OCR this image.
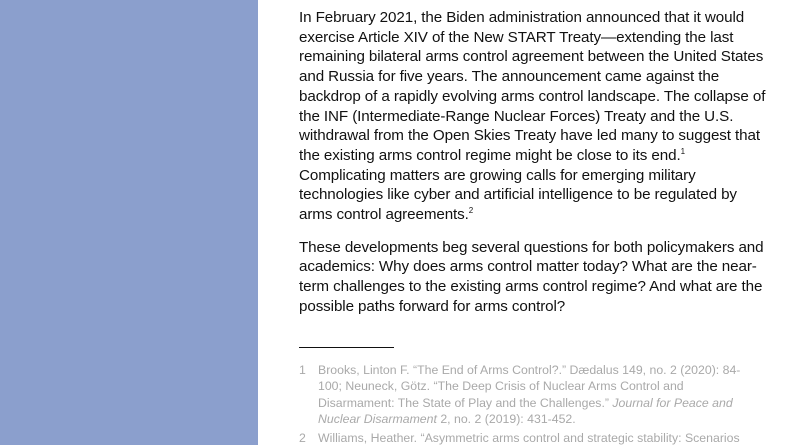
In February 2021, the Biden administration announced that it would exercise Article XIV of the New START Treaty—extending the last remaining bilateral arms control agreement between the United States and Russia for five years. The announcement came against the backdrop of a rapidly evolving arms control landscape. The collapse of the INF (Intermediate-Range Nuclear Forces) Treaty and the U.S. withdrawal from the Open Skies Treaty have led many to suggest that the existing arms control regime might be close to its end.$^1$ Complicating matters are growing calls for emerging military technologies like cyber and artificial intelligence to be regulated by arms control agreements.$^2$

These developments beg several questions for both policymakers and academics: Why does arms control matter today? What are the near-term challenges to the existing arms control regime? And what are the possible paths forward for arms control?

1 Brooks, Linton F. “The End of Arms Control?.” Dædalus 149, no. 2 (2020): 84-100; Neuneck, Götz. “The Deep Crisis of Nuclear Arms Control and Disarmament: The State of Play and the Challenges.” Journal for Peace and Nuclear Disarmament 2, no. 2 (2019): 431-452.
2 Williams, Heather. “Asymmetric arms control and strategic stability: Scenarios
